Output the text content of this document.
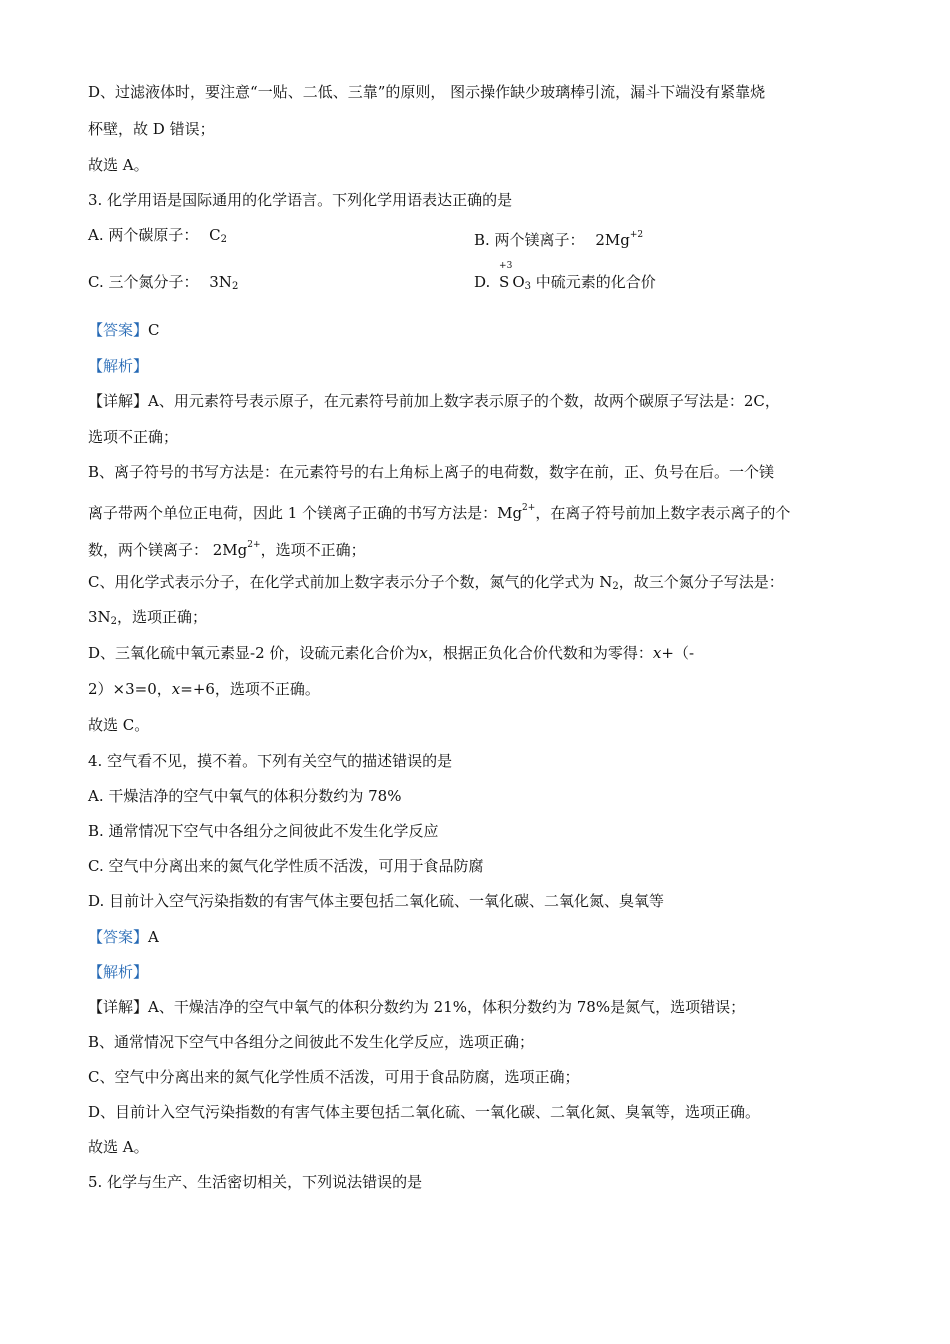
D、过滤液体时，要注意“一贴、二低、三靠”的原则， 图示操作缺少玻璃棒引流，漏斗下端没有紧靠烧
杯壁，故 D 错误；
故选 A。
3. 化学用语是国际通用的化学语言。下列化学用语表达正确的是
A. 两个碳原子： $C_2$	B. 两个镁离子： $2Mg^{+2}$
C. 三个氮分子： $3N_2$	D.
+3
S $O_3$ 中硫元素的化合价
【答案】C
【解析】
【详解】A、用元素符号表示原子，在元素符号前加上数字表示原子的个数，故两个碳原子写法是：2C，
选项不正确；
B、离子符号的书写方法是：在元素符号的右上角标上离子的电荷数，数字在前，正、负号在后。一个镁
离子带两个单位正电荷，因此 1 个镁离子正确的书写方法是：$Mg^{2+}$，在离子符号前加上数字表示离子的个
数，两个镁离子： $2Mg^{2+}$，选项不正确；
C、用化学式表示分子，在化学式前加上数字表示分子个数，氮气的化学式为 $N_2$，故三个氮分子写法是：
$3N_2$，选项正确；
D、三氧化硫中氧元素显-2 价，设硫元素化合价为x，根据正负化合价代数和为零得：x+（-
2）×3=0，x=+6，选项不正确。
故选 C。
4. 空气看不见，摸不着。下列有关空气的描述错误的是
A. 干燥洁净的空气中氧气的体积分数约为 78%
B. 通常情况下空气中各组分之间彼此不发生化学反应
C. 空气中分离出来的氮气化学性质不活泼，可用于食品防腐
D. 目前计入空气污染指数的有害气体主要包括二氧化硫、一氧化碳、二氧化氮、臭氧等
【答案】A
【解析】
【详解】A、干燥洁净的空气中氧气的体积分数约为 21%，体积分数约为 78%是氮气，选项错误；
B、通常情况下空气中各组分之间彼此不发生化学反应，选项正确；
C、空气中分离出来的氮气化学性质不活泼，可用于食品防腐，选项正确；
D、目前计入空气污染指数的有害气体主要包括二氧化硫、一氧化碳、二氧化氮、臭氧等，选项正确。
故选 A。
5. 化学与生产、生活密切相关，下列说法错误的是
